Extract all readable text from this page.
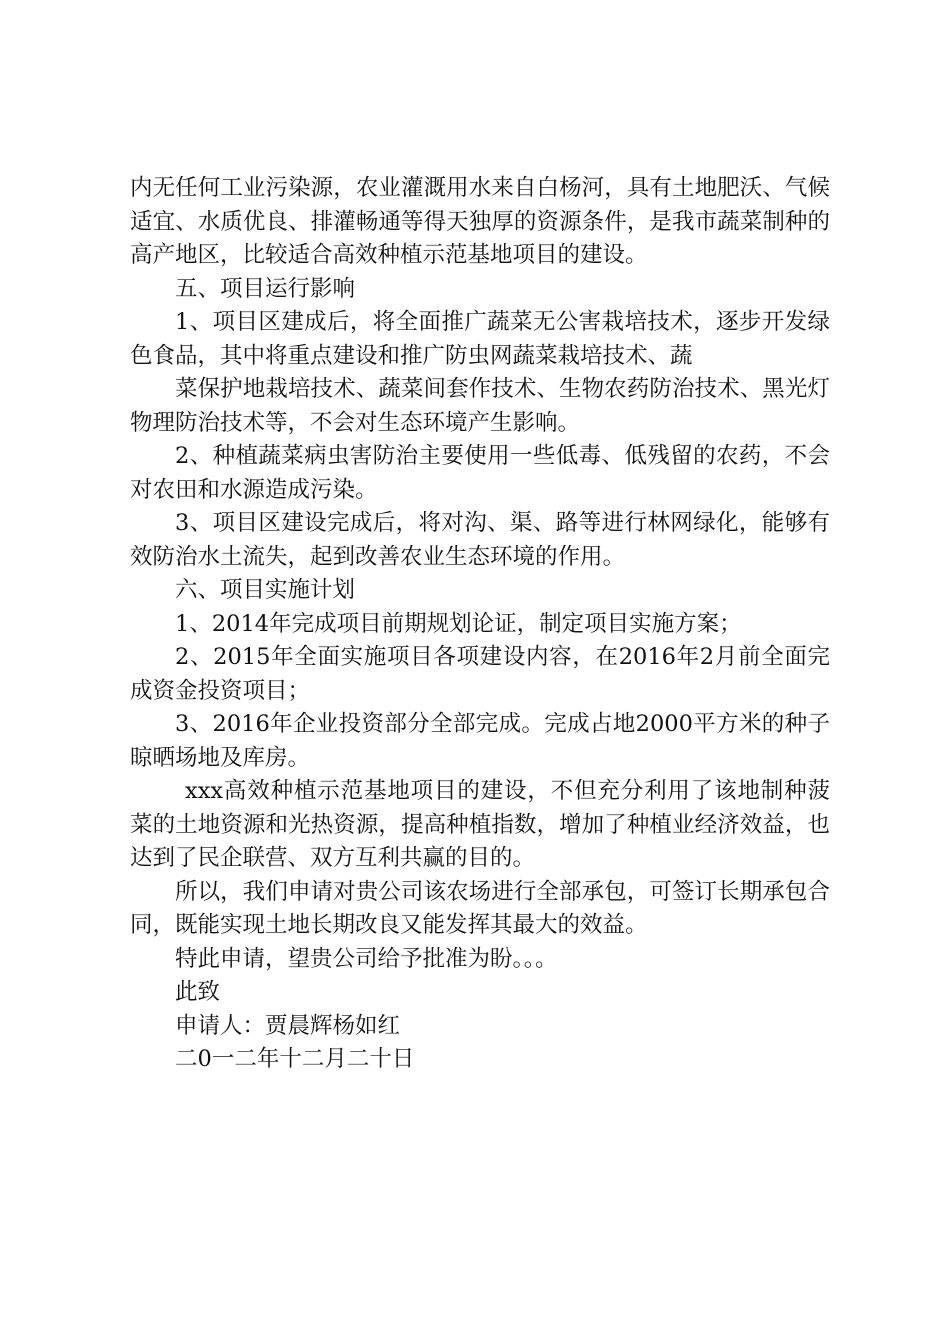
内无任何工业污染源，农业灌溉用水来自白杨河，具有土地肥沃、气候适宜、水质优良、排灌畅通等得天独厚的资源条件，是我市蔬菜制种的高产地区，比较适合高效种植示范基地项目的建设。

五、项目运行影响

1、项目区建成后，将全面推广蔬菜无公害栽培技术，逐步开发绿色食品，其中将重点建设和推广防虫网蔬菜栽培技术、蔬

菜保护地栽培技术、蔬菜间套作技术、生物农药防治技术、黑光灯物理防治技术等，不会对生态环境产生影响。

2、种植蔬菜病虫害防治主要使用一些低毒、低残留的农药，不会对农田和水源造成污染。

3、项目区建设完成后，将对沟、渠、路等进行林网绿化，能够有效防治水土流失，起到改善农业生态环境的作用。

六、项目实施计划

1、2014年完成项目前期规划论证，制定项目实施方案；

2、2015年全面实施项目各项建设内容，在2016年2月前全面完成资金投资项目；

3、2016年企业投资部分全部完成。完成占地2000平方米的种子晾晒场地及库房。

xxx高效种植示范基地项目的建设，不但充分利用了该地制种菠菜的土地资源和光热资源，提高种植指数，增加了种植业经济效益，也达到了民企联营、双方互利共赢的目的。

所以，我们申请对贵公司该农场进行全部承包，可签订长期承包合同，既能实现土地长期改良又能发挥其最大的效益。

特此申请，望贵公司给予批准为盼。。。

此致

申请人：贾晨辉杨如红

二0一二年十二月二十日
